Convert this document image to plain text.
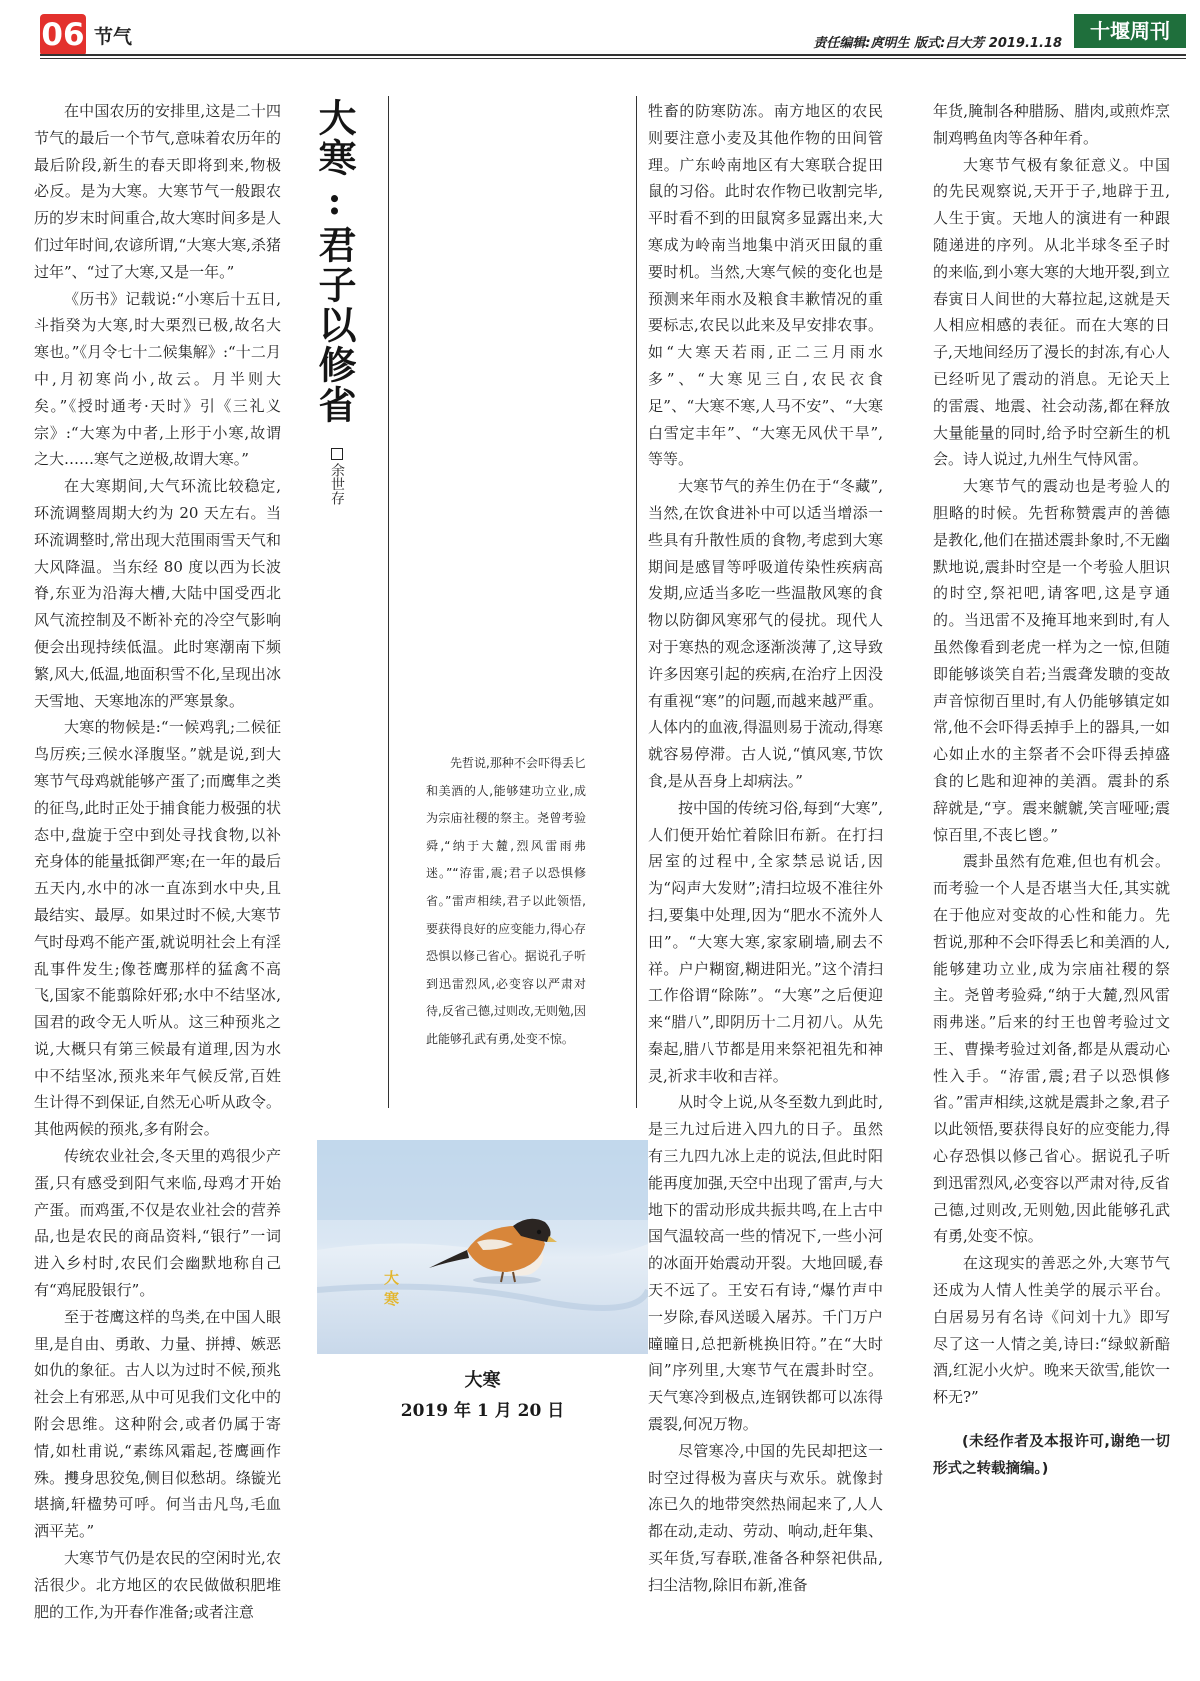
06 节气	责任编辑:庹明生 版式:吕大芳 2019.1.18
十堰周刊

在中国农历的安排里,这是二十四节气的最后一个节气,意味着农历年的最后阶段,新生的春天即将到来,物极必反。是为大寒。大寒节气一般跟农历的岁末时间重合,故大寒时间多是人们过年时间,农谚所谓,“大寒大寒,杀猪过年”、“过了大寒,又是一年。”

《历书》记载说:“小寒后十五日,斗指癸为大寒,时大栗烈已极,故名大寒也。”《月令七十二候集解》:“十二月中,月初寒尚小,故云。月半则大矣。”《授时通考·天时》引《三礼义宗》:“大寒为中者,上形于小寒,故谓之大……寒气之逆极,故谓大寒。”

在大寒期间,大气环流比较稳定,环流调整周期大约为 20 天左右。当环流调整时,常出现大范围雨雪天气和大风降温。当东经 80 度以西为长波脊,东亚为沿海大槽,大陆中国受西北风气流控制及不断补充的冷空气影响便会出现持续低温。此时寒潮南下频繁,风大,低温,地面积雪不化,呈现出冰天雪地、天寒地冻的严寒景象。

大寒的物候是:“一候鸡乳;二候征鸟厉疾;三候水泽腹坚。”就是说,到大寒节气母鸡就能够产蛋了;而鹰隼之类的征鸟,此时正处于捕食能力极强的状态中,盘旋于空中到处寻找食物,以补充身体的能量抵御严寒;在一年的最后五天内,水中的冰一直冻到水中央,且最结实、最厚。如果过时不候,大寒节气时母鸡不能产蛋,就说明社会上有淫乱事件发生;像苍鹰那样的猛禽不高飞,国家不能翦除奸邪;水中不结坚冰,国君的政令无人听从。这三种预兆之说,大概只有第三候最有道理,因为水中不结坚冰,预兆来年气候反常,百姓生计得不到保证,自然无心听从政令。其他两候的预兆,多有附会。

传统农业社会,冬天里的鸡很少产蛋,只有感受到阳气来临,母鸡才开始产蛋。而鸡蛋,不仅是农业社会的营养品,也是农民的商品资料,“银行”一词进入乡村时,农民们会幽默地称自己有“鸡屁股银行”。

至于苍鹰这样的鸟类,在中国人眼里,是自由、勇敢、力量、拼搏、嫉恶如仇的象征。古人以为过时不候,预兆社会上有邪恶,从中可见我们文化中的附会思维。这种附会,或者仍属于寄情,如杜甫说,“素练风霜起,苍鹰画作殊。㩳身思狡兔,侧目似愁胡。绦镟光堪摘,轩楹势可呼。何当击凡鸟,毛血洒平芜。”

大寒节气仍是农民的空闲时光,农活很少。北方地区的农民做做积肥堆肥的工作,为开春作准备;或者注意

大寒:君子以修省
余世存
先哲说,那种不会吓得丢匕和美酒的人,能够建功立业,成为宗庙社稷的祭主。尧曾考验舜,“纳于大麓,烈风雷雨弗迷。”“洊雷,震;君子以恐惧修省。”雷声相续,君子以此领悟,要获得良好的应变能力,得心存恐惧以修己省心。据说孔子听到迅雷烈风,必变容以严肃对待,反省己德,过则改,无则勉,因此能够孔武有勇,处变不惊。
大寒
大寒
2019 年 1 月 20 日

牲畜的防寒防冻。南方地区的农民则要注意小麦及其他作物的田间管理。广东岭南地区有大寒联合捉田鼠的习俗。此时农作物已收割完毕,平时看不到的田鼠窝多显露出来,大寒成为岭南当地集中消灭田鼠的重要时机。当然,大寒气候的变化也是预测来年雨水及粮食丰歉情况的重要标志,农民以此来及早安排农事。如“大寒天若雨,正二三月雨水多”、“大寒见三白,农民衣食足”、“大寒不寒,人马不安”、“大寒白雪定丰年”、“大寒无风伏干旱”,等等。

大寒节气的养生仍在于“冬藏”,当然,在饮食进补中可以适当增添一些具有升散性质的食物,考虑到大寒期间是感冒等呼吸道传染性疾病高发期,应适当多吃一些温散风寒的食物以防御风寒邪气的侵扰。现代人对于寒热的观念逐渐淡薄了,这导致许多因寒引起的疾病,在治疗上因没有重视“寒”的问题,而越来越严重。人体内的血液,得温则易于流动,得寒就容易停滞。古人说,“慎风寒,节饮食,是从吾身上却病法。”

按中国的传统习俗,每到“大寒”,人们便开始忙着除旧布新。在打扫居室的过程中,全家禁忌说话,因为“闷声大发财”;清扫垃圾不准往外扫,要集中处理,因为“肥水不流外人田”。“大寒大寒,家家刷墙,刷去不祥。户户糊窗,糊进阳光。”这个清扫工作俗谓“除陈”。“大寒”之后便迎来“腊八”,即阴历十二月初八。从先秦起,腊八节都是用来祭祀祖先和神灵,祈求丰收和吉祥。

从时令上说,从冬至数九到此时,是三九过后进入四九的日子。虽然有三九四九冰上走的说法,但此时阳能再度加强,天空中出现了雷声,与大地下的雷动形成共振共鸣,在上古中国气温较高一些的情况下,一些小河的冰面开始震动开裂。大地回暖,春天不远了。王安石有诗,“爆竹声中一岁除,春风送暖入屠苏。千门万户曈曈日,总把新桃换旧符。”在“大时间”序列里,大寒节气在震卦时空。天气寒冷到极点,连钢铁都可以冻得震裂,何况万物。

尽管寒冷,中国的先民却把这一时空过得极为喜庆与欢乐。就像封冻已久的地带突然热闹起来了,人人都在动,走动、劳动、响动,赶年集、买年货,写春联,准备各种祭祀供品,扫尘洁物,除旧布新,准备

年货,腌制各种腊肠、腊肉,或煎炸烹制鸡鸭鱼肉等各种年肴。

大寒节气极有象征意义。中国的先民观察说,天开于子,地辟于丑,人生于寅。天地人的演进有一种跟随递进的序列。从北半球冬至子时的来临,到小寒大寒的大地开裂,到立春寅日人间世的大幕拉起,这就是天人相应相感的表征。而在大寒的日子,天地间经历了漫长的封冻,有心人已经听见了震动的消息。无论天上的雷震、地震、社会动荡,都在释放大量能量的同时,给予时空新生的机会。诗人说过,九州生气恃风雷。

大寒节气的震动也是考验人的胆略的时候。先哲称赞震声的善德是教化,他们在描述震卦象时,不无幽默地说,震卦时空是一个考验人胆识的时空,祭祀吧,请客吧,这是亨通的。当迅雷不及掩耳地来到时,有人虽然像看到老虎一样为之一惊,但随即能够谈笑自若;当震聋发聩的变故声音惊彻百里时,有人仍能够镇定如常,他不会吓得丢掉手上的器具,一如心如止水的主祭者不会吓得丢掉盛食的匕匙和迎神的美酒。震卦的系辞就是,“亨。震来虩虩,笑言哑哑;震惊百里,不丧匕鬯。”

震卦虽然有危难,但也有机会。而考验一个人是否堪当大任,其实就在于他应对变故的心性和能力。先哲说,那种不会吓得丢匕和美酒的人,能够建功立业,成为宗庙社稷的祭主。尧曾考验舜,“纳于大麓,烈风雷雨弗迷。”后来的纣王也曾考验过文王、曹操考验过刘备,都是从震动心性入手。“洊雷,震;君子以恐惧修省。”雷声相续,这就是震卦之象,君子以此领悟,要获得良好的应变能力,得心存恐惧以修己省心。据说孔子听到迅雷烈风,必变容以严肃对待,反省己德,过则改,无则勉,因此能够孔武有勇,处变不惊。

在这现实的善恶之外,大寒节气还成为人情人性美学的展示平台。白居易另有名诗《问刘十九》即写尽了这一人情之美,诗曰:“绿蚁新醅酒,红泥小火炉。晚来天欲雪,能饮一杯无?”

(未经作者及本报许可,谢绝一切形式之转载摘编。)
